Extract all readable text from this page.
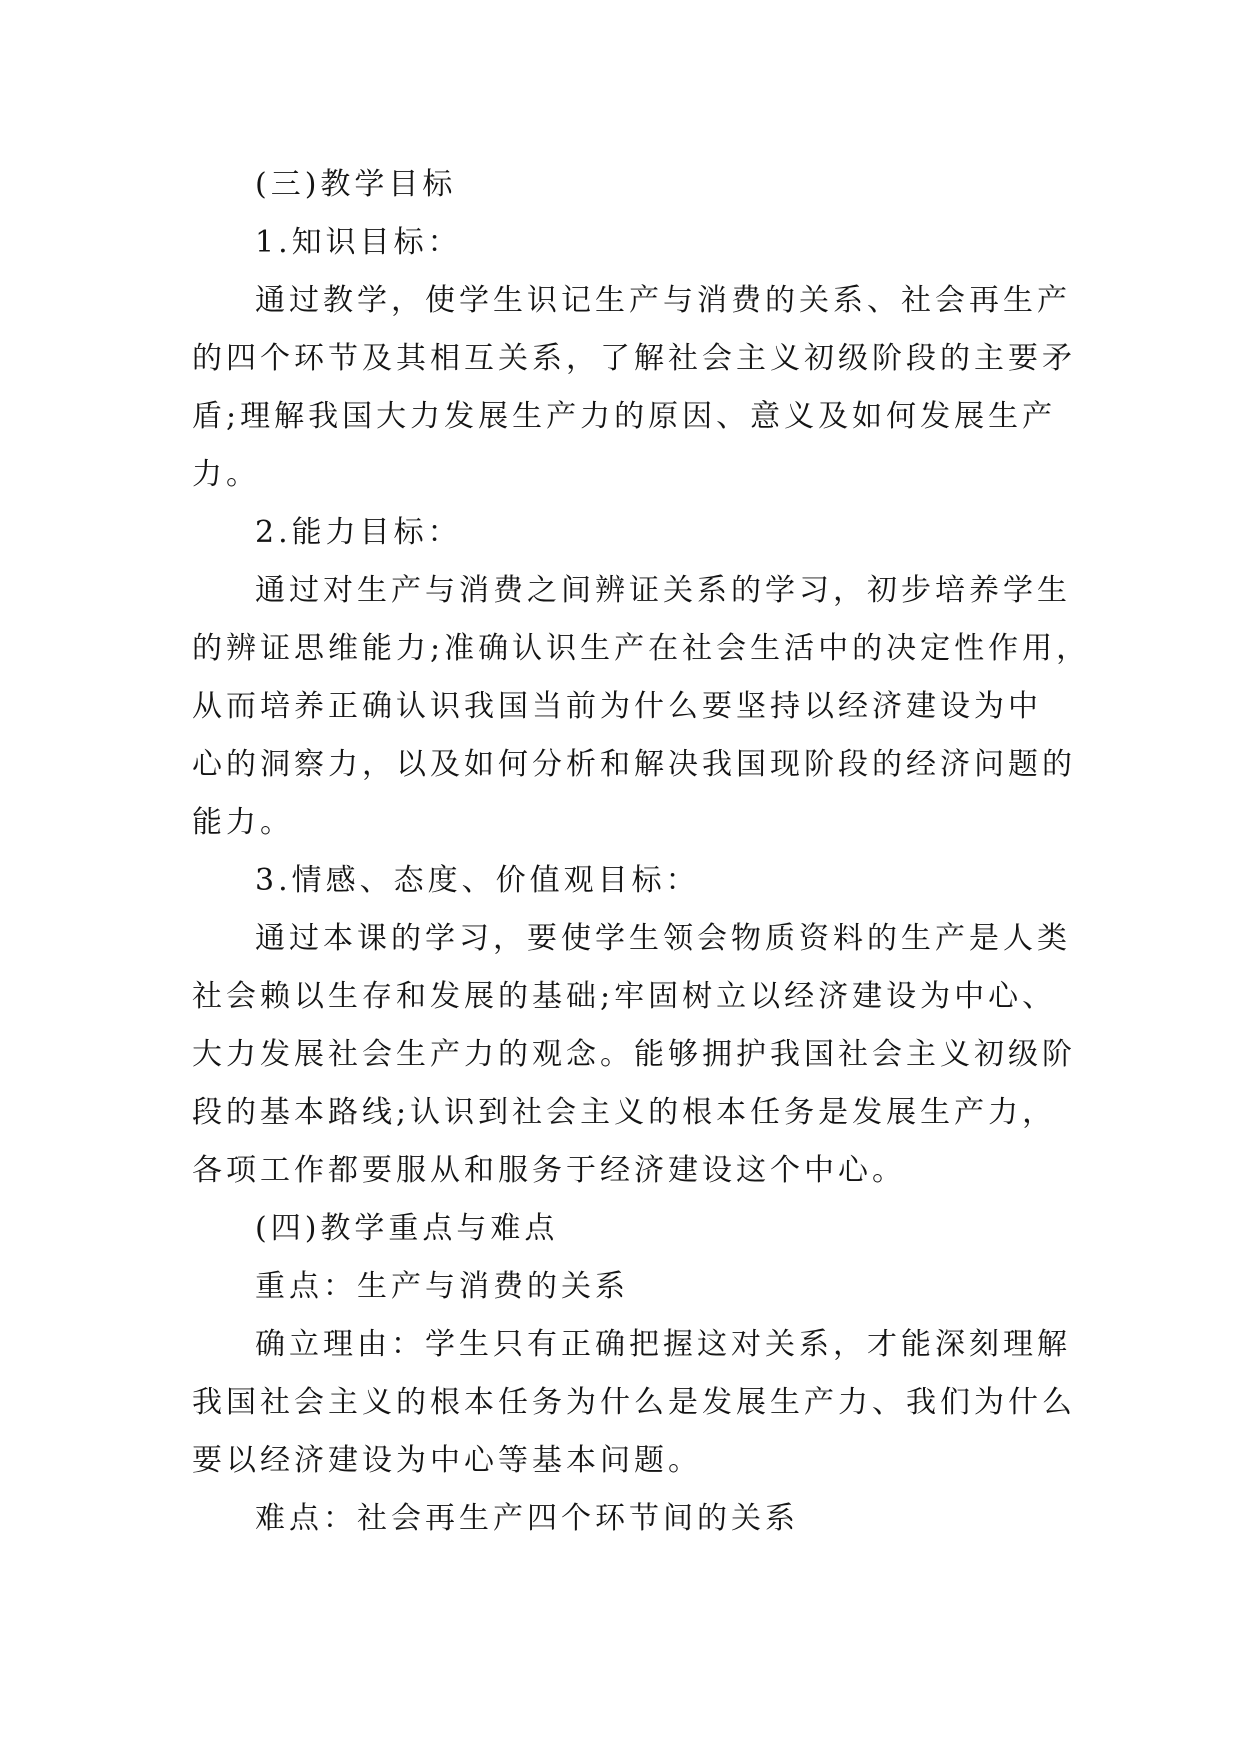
(三)教学目标
1.知识目标：
通过教学，使学生识记生产与消费的关系、社会再生产
的四个环节及其相互关系，了解社会主义初级阶段的主要矛
盾;理解我国大力发展生产力的原因、意义及如何发展生产
力。
2.能力目标：
通过对生产与消费之间辨证关系的学习，初步培养学生
的辨证思维能力;准确认识生产在社会生活中的决定性作用，
从而培养正确认识我国当前为什么要坚持以经济建设为中
心的洞察力，以及如何分析和解决我国现阶段的经济问题的
能力。
3.情感、态度、价值观目标：
通过本课的学习，要使学生领会物质资料的生产是人类
社会赖以生存和发展的基础;牢固树立以经济建设为中心、
大力发展社会生产力的观念。能够拥护我国社会主义初级阶
段的基本路线;认识到社会主义的根本任务是发展生产力，
各项工作都要服从和服务于经济建设这个中心。
(四)教学重点与难点
重点：生产与消费的关系
确立理由：学生只有正确把握这对关系，才能深刻理解
我国社会主义的根本任务为什么是发展生产力、我们为什么
要以经济建设为中心等基本问题。
难点：社会再生产四个环节间的关系
